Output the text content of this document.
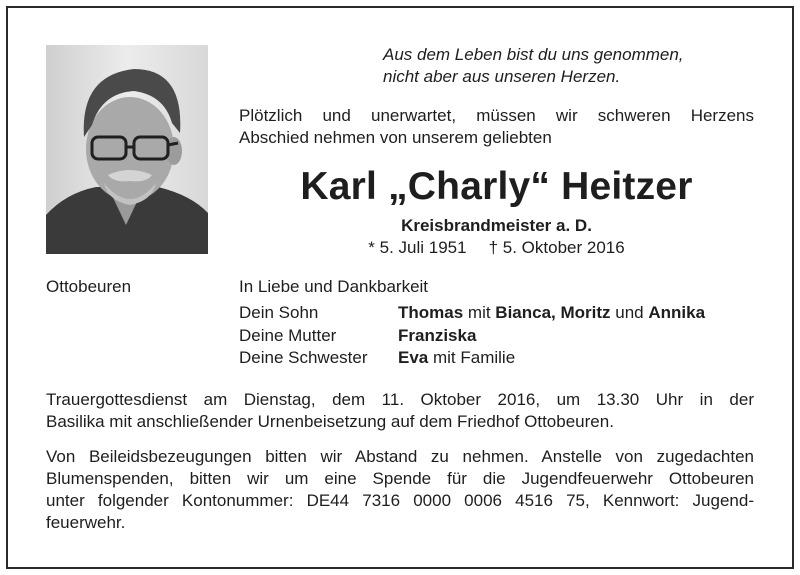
Aus dem Leben bist du uns genommen,
nicht aber aus unseren Herzen.
Plötzlich und unerwartet, müssen wir schweren Herzens
Abschied nehmen von unserem geliebten
Karl „Charly“ Heitzer
Kreisbrandmeister a. D.
* 5. Juli 1951 † 5. Oktober 2016
Ottobeuren	In Liebe und Dankbarkeit
Dein Sohn	Thomas mit Bianca, Moritz und Annika
Deine Mutter	Franziska
Deine Schwester	Eva mit Familie
Trauergottesdienst am Dienstag, dem 11. Oktober 2016, um 13.30 Uhr in der
Basilika mit anschließender Urnenbeisetzung auf dem Friedhof Ottobeuren.
Von Beileidsbezeugungen bitten wir Abstand zu nehmen. Anstelle von zugedachten
Blumenspenden, bitten wir um eine Spende für die Jugendfeuerwehr Ottobeuren
unter folgender Kontonummer: DE44 7316 0000 0006 4516 75, Kennwort: Jugend-
feuerwehr.
